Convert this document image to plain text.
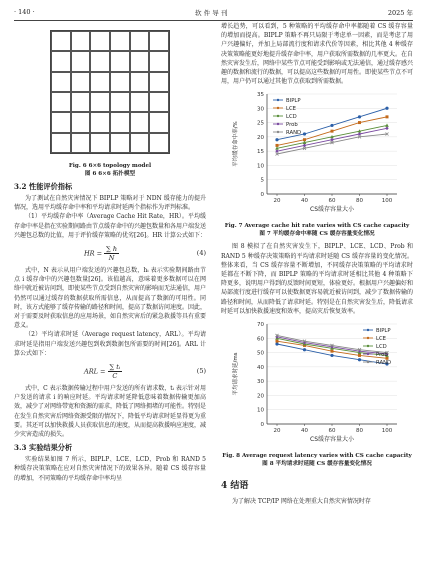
· 140 ·	软 件 导 刊	2025 年
Fig. 6 6×6 topology model
图 6 6×6 拓扑模型
3.2 性能评价指标

为了测试在自然灾害情况下 BIPLP 策略对于 NDN 缓存能力的提升情况，选用平均缓存命中率和平均请求时延两个指标作为评判标准。

（1）平均缓存命中率（Average Cache Hit Rate，HR）。平均缓存命中率是指在实验期间路由节点缓存命中的兴趣包数量和各用户端发送兴趣包总数的比值，用于评价缓存策略的优劣[26]。HR 计算公式如下：

HR = $\frac{\sum h}{N}$	(4)

式中，N 表示从用户端发送的兴趣包总数，hᵢ 表示实验期间路由节点 i 缓存命中的兴趣包数量[26]。该值越高，意味着更多数据可以在网络中就近被访问到，即使某些节点受到自然灾害的影响而无法通信，用户仍然可以通过缓存的数据获取所需信息，从而提高了数据的可用性。同时，该方式能够了缓存传输的路径和时间，提高了数据访问速度。因此，对于需要及时获取信息的应用场景，如自然灾害后的紧急救援等具有重要意义。

（2）平均请求时延（Average request latency，ARL）。平均请求时延是指用户端发送兴趣包到收到数据包所需要的时间[26]。ARL 计算公式如下：

ARL = $\frac{\text{∑ tᵢ}}{C}$	(5)

式中，C 表示数据传输过程中用户发送的所有请求数，tᵢ 表示针对用户发送的请求 i 的响应时延。平均请求时延降低意味着数据传输更加高效，减少了对网络带宽和资源的需求，降低了网络拥堵的可能性。特别是在发生自然灾害后网络资源受限的情况下，降低平均请求时延显得更为重要。其还可以加快救援人员获取信息的速度，从而提高救援响应速度，减少灾害造成的损失。

3.3 实验结果分析

实验结果如图 7 所示，BIPLP、LCE、LCD、Prob 和 RAND 5 种缓存决策策略在应对自然灾害情况下的效果各异。随着 CS 缓存容量的增加，不同策略的平均缓存命中率均呈

增长趋势，可以看到，5 种策略的平均缓存命中率都随着 CS 缓存容量的增加而提高。BIPLP 策略不再只局限于考虑单一因素，而是考虑了用户兴趣偏好，并加上局部流行度和请求代价等因素，相比其他 4 种缓存决策策略能更好地提升缓存命中率，用户获取所需数据的几率更大。在自然灾害发生后，网络中某些节点可能受到影响或无法通信，通过缓存感兴趣的数据和流行的数据，可以提高这些数据的可用性。即使某些节点不可用，用户仍可以通过其他节点获取到所需数据。

0
5
10
15
20
25
30
35
20	40	60	80	100
CS缓存容量大小
平均缓存命中率/%
BIPLP
LCE
LCD
Prob
RAND
Fig. 7 Average cache hit rate varies with CS cache capacity
图 7 平均缓存命中率随 CS 缓存容量变化情况

图 8 模拟了在自然灾害发生下，BIPLP、LCE、LCD、Prob 和 RAND 5 种缓存决策策略的平均请求时延随 CS 缓存容量的变化情况。整体来看，当 CS 缓存容量不断增加，不同缓存决策策略的平均请求时延都在不断下降，而 BIPLP 策略的平均请求时延相比其他 4 种策略下降更多，说明用户得到的反馈时间更短，体验更好。根据用户兴趣偏好和局部流行度进行缓存可以使数据更容易就近被访问到，减少了数据传输的路径和时间，从而降低了请求时延。特别是在自然灾害发生后，降低请求时延可以加快救援速度和效率，提高灾后恢复效率。

0
10
20
30
40
50
60
70
20	40	60	80	100
CS缓存容量大小
平均请求时延/ms
BIPLP
LCE
LCD
Prob
RAND
Fig. 8 Average request latency varies with CS cache capacity
图 8 平均请求时延随 CS 缓存容量变化情况
4 结语

为了解决 TCP/IP 网络在处理重大自然灾害情况时存
